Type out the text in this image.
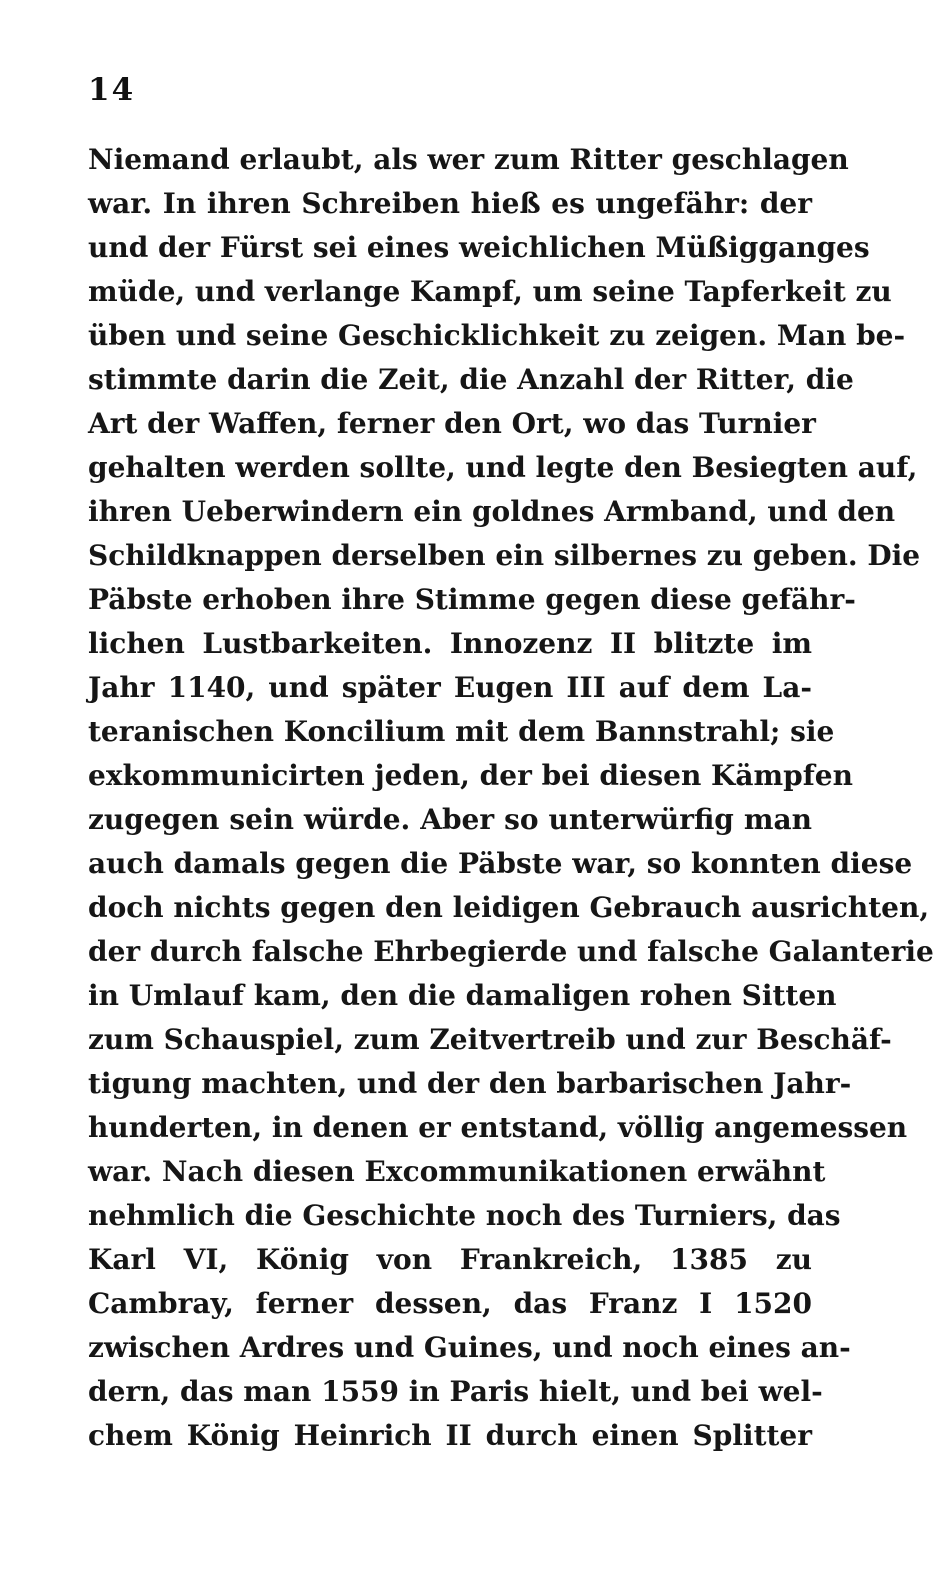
14
Niemand erlaubt, als wer zum Ritter geschlagen
war. In ihren Schreiben hieß es ungefähr: der
und der Fürst sei eines weichlichen Müßigganges
müde, und verlange Kampf, um seine Tapferkeit zu
üben und seine Geschicklichkeit zu zeigen. Man be-
stimmte darin die Zeit, die Anzahl der Ritter, die
Art der Waffen, ferner den Ort, wo das Turnier
gehalten werden sollte, und legte den Besiegten auf,
ihren Ueberwindern ein goldnes Armband, und den
Schildknappen derselben ein silbernes zu geben. Die
Päbste erhoben ihre Stimme gegen diese gefähr-
lichen Lustbarkeiten. Innozenz II blitzte im
Jahr 1140, und später Eugen III auf dem La-
teranischen Koncilium mit dem Bannstrahl; sie
exkommunicirten jeden, der bei diesen Kämpfen
zugegen sein würde. Aber so unterwürfig man
auch damals gegen die Päbste war, so konnten diese
doch nichts gegen den leidigen Gebrauch ausrichten,
der durch falsche Ehrbegierde und falsche Galanterie
in Umlauf kam, den die damaligen rohen Sitten
zum Schauspiel, zum Zeitvertreib und zur Beschäf-
tigung machten, und der den barbarischen Jahr-
hunderten, in denen er entstand, völlig angemessen
war. Nach diesen Excommunikationen erwähnt
nehmlich die Geschichte noch des Turniers, das
Karl VI, König von Frankreich, 1385 zu
Cambray, ferner dessen, das Franz I 1520
zwischen Ardres und Guines, und noch eines an-
dern, das man 1559 in Paris hielt, und bei wel-
chem König Heinrich II durch einen Splitter
